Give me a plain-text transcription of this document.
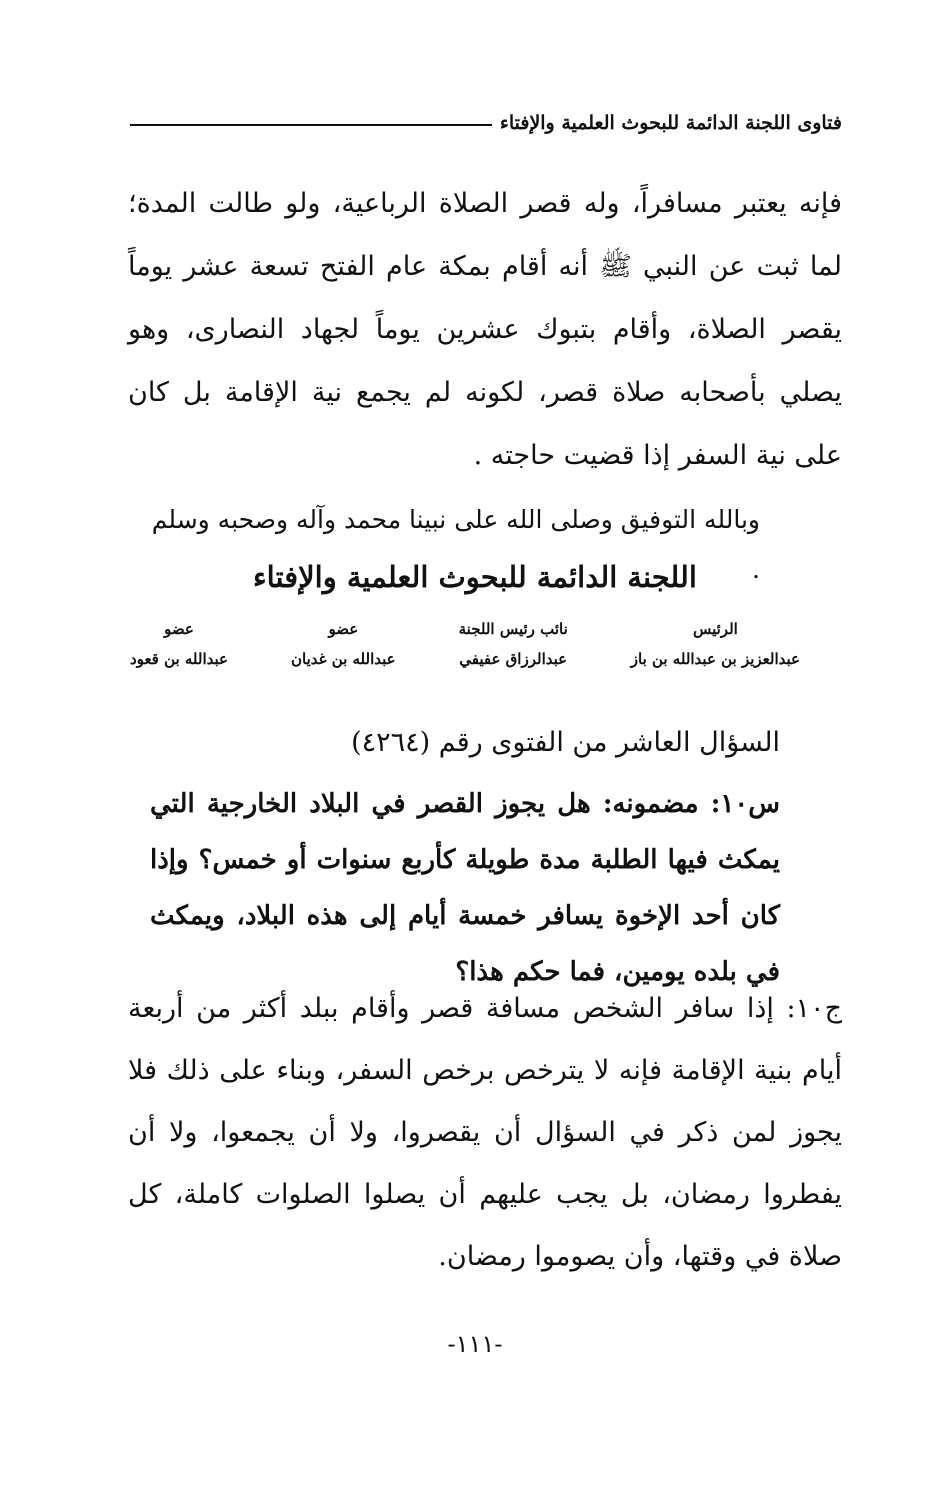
فتاوى اللجنة الدائمة للبحوث العلمية والإفتاء

فإنه يعتبر مسافراً، وله قصر الصلاة الرباعية، ولو طالت المدة؛ لما ثبت عن النبي ﷺ أنه أقام بمكة عام الفتح تسعة عشر يوماً يقصر الصلاة، وأقام بتبوك عشرين يوماً لجهاد النصارى، وهو يصلي بأصحابه صلاة قصر، لكونه لم يجمع نية الإقامة بل كان على نية السفر إذا قضيت حاجته .

وبالله التوفيق وصلى الله على نبينا محمد وآله وصحبه وسلم .

اللجنة الدائمة للبحوث العلمية والإفتاء
الرئيس
عبدالعزيز بن عبدالله بن باز
نائب رئيس اللجنة
عبدالرزاق عفيفي
عضو
عبدالله بن غديان
عضو
عبدالله بن قعود
السؤال العاشر من الفتوى رقم (٤٢٦٤)

س١٠: مضمونه: هل يجوز القصر في البلاد الخارجية التي يمكث فيها الطلبة مدة طويلة كأربع سنوات أو خمس؟ وإذا كان أحد الإخوة يسافر خمسة أيام إلى هذه البلاد، ويمكث في بلده يومين، فما حكم هذا؟

ج١٠: إذا سافر الشخص مسافة قصر وأقام ببلد أكثر من أربعة أيام بنية الإقامة فإنه لا يترخص برخص السفر، وبناء على ذلك فلا يجوز لمن ذكر في السؤال أن يقصروا، ولا أن يجمعوا، ولا أن يفطروا رمضان، بل يجب عليهم أن يصلوا الصلوات كاملة، كل صلاة في وقتها، وأن يصوموا رمضان.

-١١١-
